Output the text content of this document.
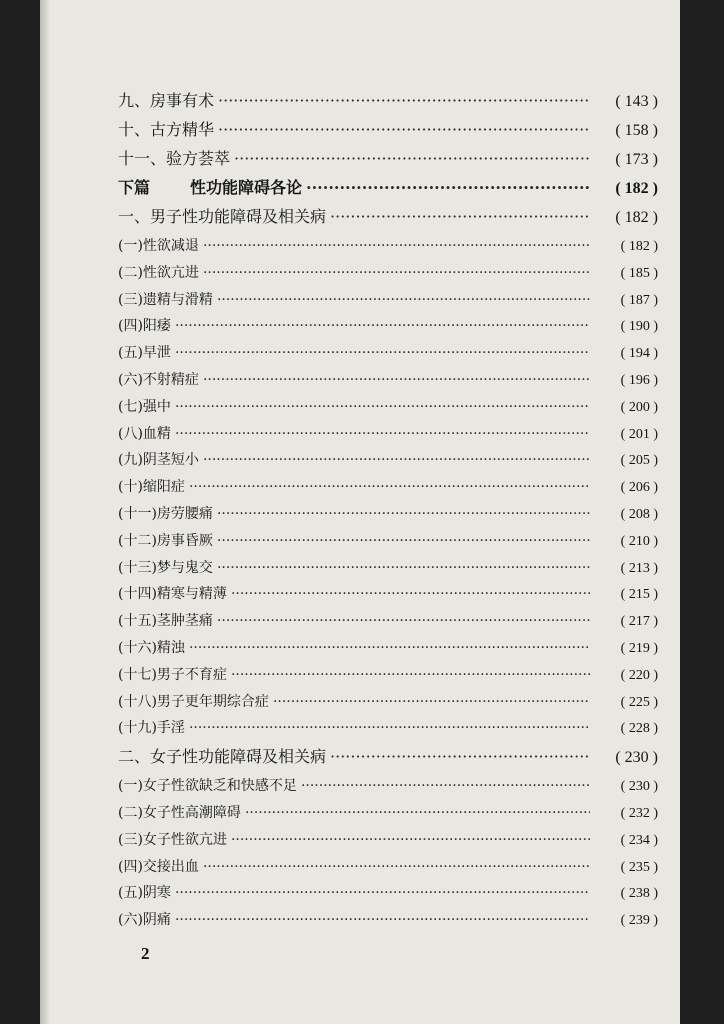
九、房事有术 ·····	( 143 )
十、古方精华 ·····	( 158 )
十一、验方荟萃 ·····	( 173 )
下篇	性功能障碍各论 ·····	( 182 )
一、男子性功能障碍及相关病 ·····	( 182 )
(一)性欲减退 ·····	( 182 )
(二)性欲亢进 ·····	( 185 )
(三)遗精与滑精 ·····	( 187 )
(四)阳痿 ·····	( 190 )
(五)早泄 ·····	( 194 )
(六)不射精症 ·····	( 196 )
(七)强中 ·····	( 200 )
(八)血精 ·····	( 201 )
(九)阴茎短小 ·····	( 205 )
(十)缩阳症 ·····	( 206 )
(十一)房劳腰痛 ·····	( 208 )
(十二)房事昏厥 ·····	( 210 )
(十三)梦与鬼交 ·····	( 213 )
(十四)精寒与精薄 ·····	( 215 )
(十五)茎肿茎痛 ·····	( 217 )
(十六)精浊 ·····	( 219 )
(十七)男子不育症 ·····	( 220 )
(十八)男子更年期综合症 ·····	( 225 )
(十九)手淫 ·····	( 228 )
二、女子性功能障碍及相关病 ·····	( 230 )
(一)女子性欲缺乏和快感不足 ·····	( 230 )
(二)女子性高潮障碍 ·····	( 232 )
(三)女子性欲亢进 ·····	( 234 )
(四)交接出血 ·····	( 235 )
(五)阴寒 ·····	( 238 )
(六)阴痛 ·····	( 239 )
2
